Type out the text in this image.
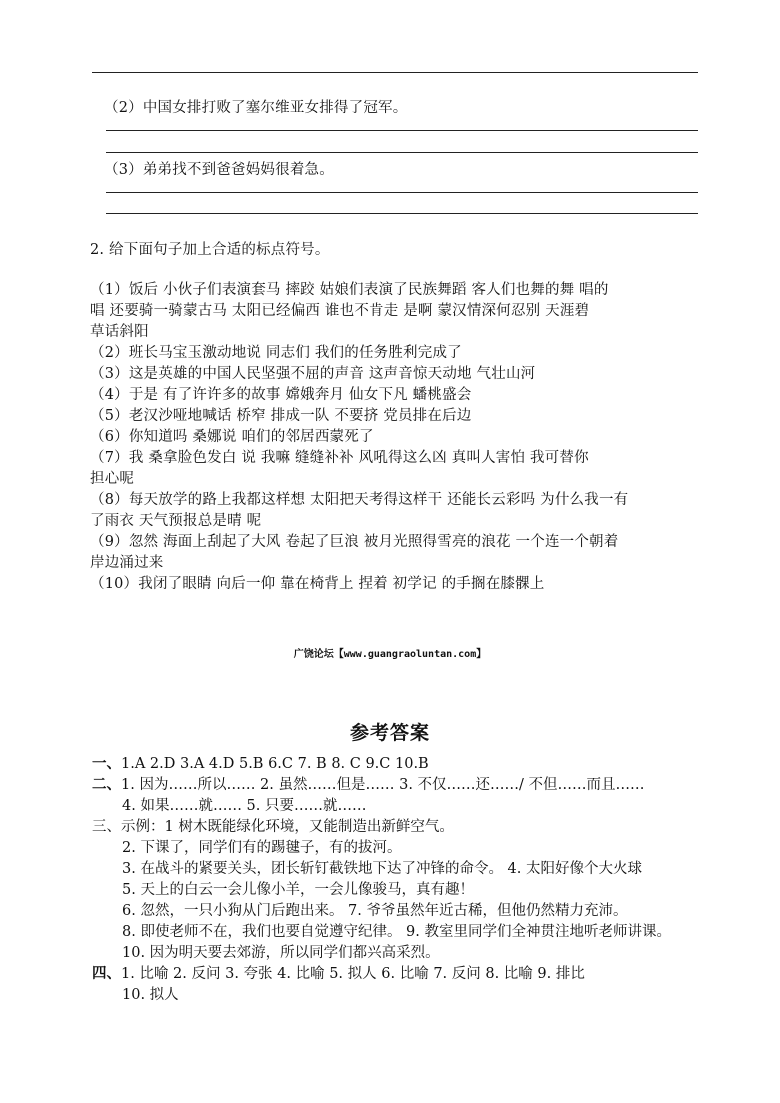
（2）中国女排打败了塞尔维亚女排得了冠军。
（3）弟弟找不到爸爸妈妈很着急。
2. 给下面句子加上合适的标点符号。
（1）饭后 小伙子们表演套马 摔跤 姑娘们表演了民族舞蹈 客人们也舞的舞 唱的
唱 还要骑一骑蒙古马 太阳已经偏西 谁也不肯走 是啊 蒙汉情深何忍别 天涯碧
草话斜阳
（2）班长马宝玉激动地说 同志们 我们的任务胜利完成了
（3）这是英雄的中国人民坚强不屈的声音 这声音惊天动地 气壮山河
（4）于是 有了许许多的故事 嫦娥奔月 仙女下凡 蟠桃盛会
（5）老汉沙哑地喊话 桥窄 排成一队 不要挤 党员排在后边
（6）你知道吗 桑娜说 咱们的邻居西蒙死了
（7）我 桑拿脸色发白 说 我嘛 缝缝补补 风吼得这么凶 真叫人害怕 我可替你
担心呢
（8）每天放学的路上我都这样想 太阳把天考得这样干 还能长云彩吗 为什么我一有
了雨衣 天气预报总是晴 呢
（9）忽然 海面上刮起了大风 卷起了巨浪 被月光照得雪亮的浪花 一个连一个朝着
岸边涌过来
（10）我闭了眼睛 向后一仰 靠在椅背上 捏着 初学记 的手搁在膝髁上
广饶论坛【www.guangraoluntan.com】
参考答案
一、1.A 2.D 3.A 4.D 5.B 6.C 7. B 8. C 9.C 10.B
二、1. 因为……所以…… 2. 虽然……但是…… 3. 不仅……还……/ 不但……而且……
4. 如果……就…… 5. 只要……就……
三、示例：1 树木既能绿化环境，又能制造出新鲜空气。
2. 下课了，同学们有的踢毽子，有的拔河。
3. 在战斗的紧要关头，团长斩钉截铁地下达了冲锋的命令。 4. 太阳好像个大火球
5. 天上的白云一会儿像小羊，一会儿像骏马，真有趣！
6. 忽然，一只小狗从门后跑出来。 7. 爷爷虽然年近古稀，但他仍然精力充沛。
8. 即使老师不在，我们也要自觉遵守纪律。 9. 教室里同学们全神贯注地听老师讲课。
10. 因为明天要去郊游，所以同学们都兴高采烈。
四、1. 比喻 2. 反问 3. 夸张 4. 比喻 5. 拟人 6. 比喻 7. 反问 8. 比喻 9. 排比
10. 拟人
